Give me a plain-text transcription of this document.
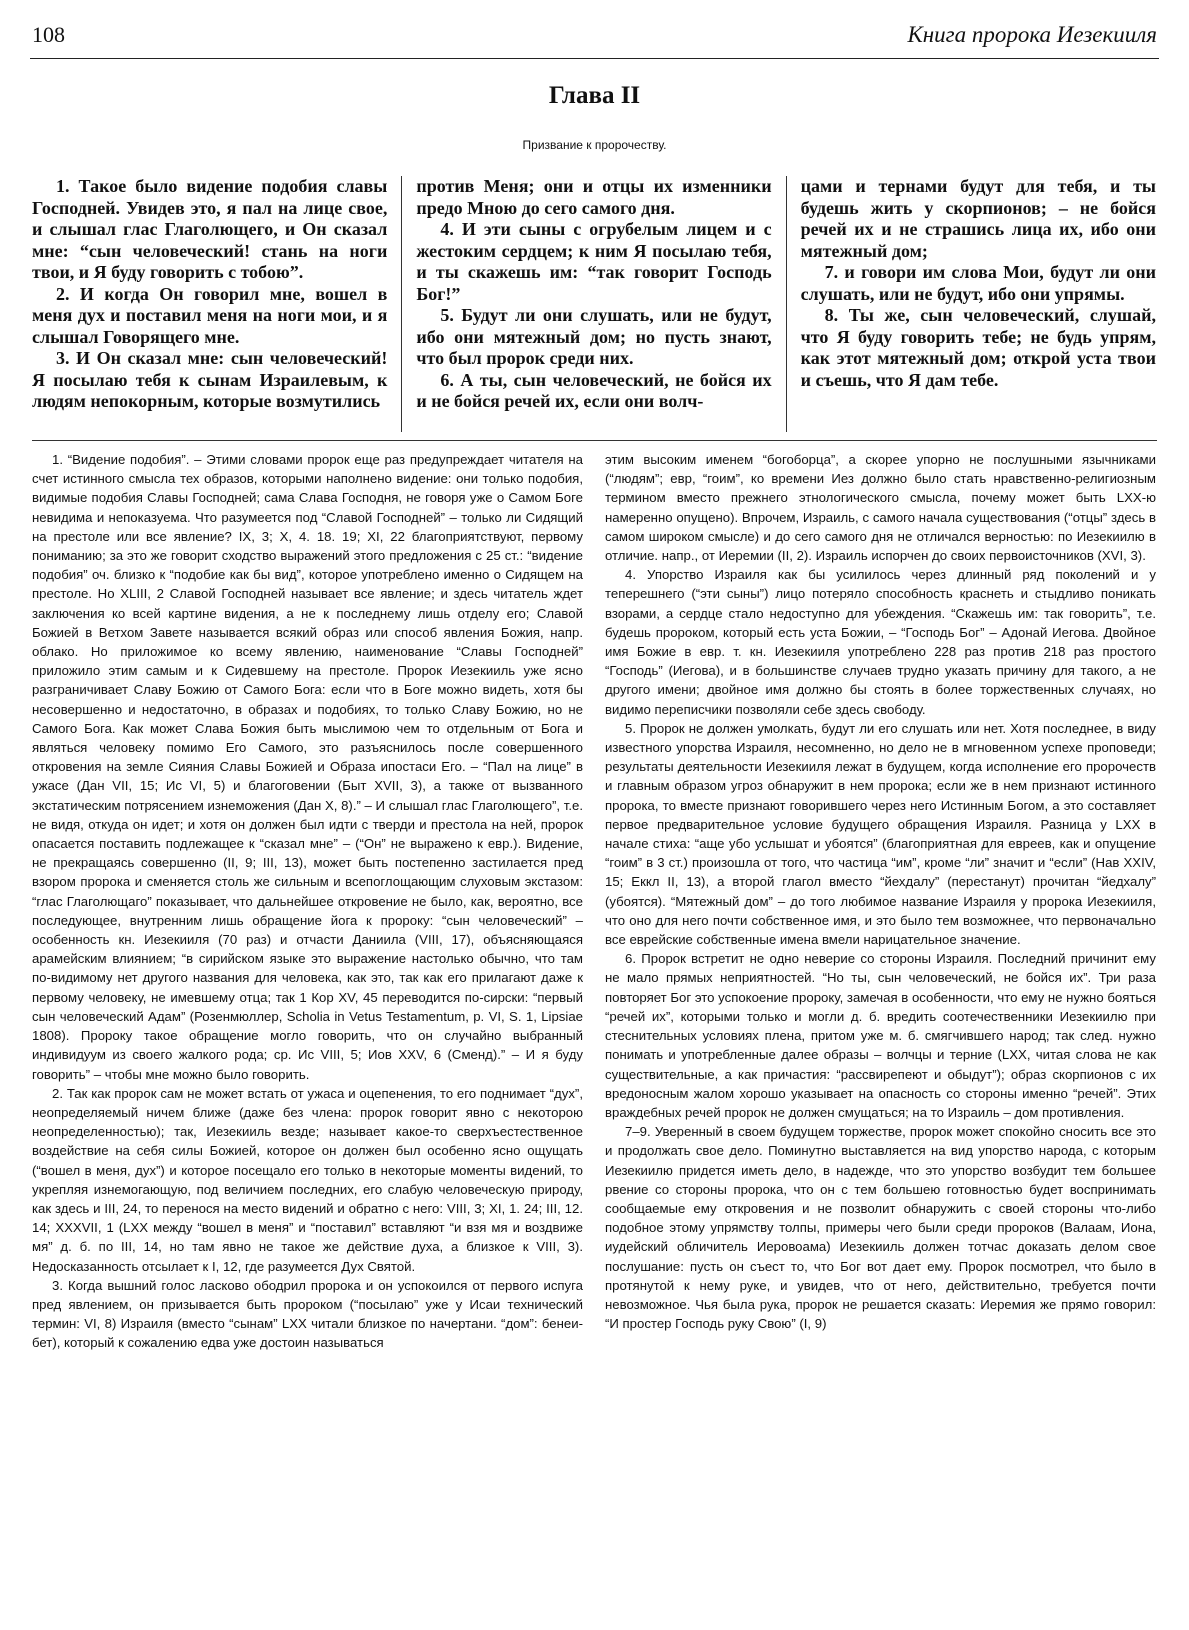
108	Книга пророка Иезекииля
Глава II
Призвание к пророчеству.

1. Такое было видение подобия славы Господней. Увидев это, я пал на лице свое, и слышал глас Глаголющего, и Он сказал мне: “сын человеческий! стань на ноги твои, и Я буду говорить с тобою”.

2. И когда Он говорил мне, вошел в меня дух и поставил меня на ноги мои, и я слышал Говорящего мне.

3. И Он сказал мне: сын человеческий! Я посылаю тебя к сынам Израилевым, к людям непокорным, которые возмутились

против Меня; они и отцы их изменники предо Мною до сего самого дня.

4. И эти сыны с огрубелым лицем и с жестоким сердцем; к ним Я посылаю тебя, и ты скажешь им: “так говорит Господь Бог!”

5. Будут ли они слушать, или не будут, ибо они мятежный дом; но пусть знают, что был пророк среди них.

6. А ты, сын человеческий, не бойся их и не бойся речей их, если они волч-

цами и тернами будут для тебя, и ты будешь жить у скорпионов; – не бойся речей их и не страшись лица их, ибо они мятежный дом;

7. и говори им слова Мои, будут ли они слушать, или не будут, ибо они упрямы.

8. Ты же, сын человеческий, слушай, что Я буду говорить тебе; не будь упрям, как этот мятежный дом; открой уста твои и съешь, что Я дам тебе.

1. “Видение подобия”. – Этими словами пророк еще раз предупреждает читателя на счет истинного смысла тех образов, которыми наполнено видение: они только подобия, видимые подобия Славы Господней; сама Слава Господня, не говоря уже о Самом Боге невидима и непоказуема. Что разумеется под “Славой Господней” – только ли Сидящий на престоле или все явление? IX, 3; X, 4. 18. 19; XI, 22 благоприятствуют, первому пониманию; за это же говорит сходство выражений этого предложения с 25 ст.: “видение подобия” оч. близко к “подобие как бы вид”, которое употреблено именно о Сидящем на престоле. Но XLIII, 2 Славой Господней называет все явление; и здесь читатель ждет заключения ко всей картине видения, а не к последнему лишь отделу его; Славой Божией в Ветхом Завете называется всякий образ или способ явления Божия, напр. облако. Но приложимое ко всему явлению, наименование “Славы Господней” приложило этим самым и к Сидевшему на престоле. Пророк Иезекииль уже ясно разграничивает Славу Божию от Самого Бога: если что в Боге можно видеть, хотя бы несовершенно и недостаточно, в образах и подобиях, то только Славу Божию, но не Самого Бога. Как может Слава Божия быть мыслимою чем то отдельным от Бога и являться человеку помимо Его Самого, это разъяснилось после совершенного откровения на земле Сияния Славы Божией и Образа ипостаси Его. – “Пал на лице” в ужасе (Дан VII, 15; Ис VI, 5) и благоговении (Быт XVII, 3), а также от вызванного экстатическим потрясением изнеможения (Дан X, 8).” – И слышал глас Глаголющего”, т.е. не видя, откуда он идет; и хотя он должен был идти с тверди и престола на ней, пророк опасается поставить подлежащее к “сказал мне” – (“Он” не выражено к евр.). Видение, не прекращаясь совершенно (II, 9; III, 13), может быть постепенно застилается пред взором пророка и сменяется столь же сильным и всепоглощающим слуховым экстазом: “глас Глаголющаго” показывает, что дальнейшее откровение не было, как, вероятно, все последующее, внутренним лишь обращение йога к пророку: “сын человеческий” – особенность кн. Иезекииля (70 раз) и отчасти Даниила (VIII, 17), объясняющаяся арамейским влиянием; “в сирийском языке это выражение настолько обычно, что там по-видимому нет другого названия для человека, как это, так как его прилагают даже к первому человеку, не имевшему отца; так 1 Кор XV, 45 переводится по-сирски: “первый сын человеческий Адам” (Розенмюллер, Scholia in Vetus Testamentum, p. VI, S. 1, Lipsiae 1808). Пророку такое обращение могло говорить, что он случайно выбранный индивидуум из своего жалкого рода; ср. Ис VIII, 5; Иов XXV, 6 (Сменд).” – И я буду говорить” – чтобы мне можно было говорить.

2. Так как пророк сам не может встать от ужаса и оцепенения, то его поднимает “дух”, неопределяемый ничем ближе (даже без члена: пророк говорит явно с некоторою неопределенностью); так, Иезекииль везде; называет какое-то сверхъестественное воздействие на себя силы Божией, которое он должен был особенно ясно ощущать (“вошел в меня, дух”) и которое посещало его только в некоторые моменты видений, то укрепляя изнемогающую, под величием последних, его слабую человеческую природу, как здесь и III, 24, то перенося на место видений и обратно с него: VIII, 3; XI, 1. 24; III, 12. 14; XXXVII, 1 (LXX между “вошел в меня” и “поставил” вставляют “и взя мя и воздвиже мя” д. б. по III, 14, но там явно не такое же действие духа, а близкое к VIII, 3). Недосказанность отсылает к I, 12, где разумеется Дух Святой.

3. Когда вышний голос ласково ободрил пророка и он успокоился от первого испуга пред явлением, он призывается быть пророком (“посылаю” уже у Исаи технический термин: VI, 8) Израиля (вместо “сынам” LXX читали близкое по начертани. “дом”: бенеи-бет), который к сожалению едва уже достоин называться

этим высоким именем “богоборца”, а скорее упорно не послушными язычниками (“людям”; евр, “гоим”, ко времени Иез должно было стать нравственно-религиозным термином вместо прежнего этнологического смысла, почему может быть LXX-ю намеренно опущено). Впрочем, Израиль, с самого начала существования (“отцы” здесь в самом широком смысле) и до сего самого дня не отличался верностью: по Иезекиилю в отличие. напр., от Иеремии (II, 2). Израиль испорчен до своих первоисточников (XVI, 3).

4. Упорство Израиля как бы усилилось через длинный ряд поколений и у теперешнего (“эти сыны”) лицо потеряло способность краснеть и стыдливо поникать взорами, а сердце стало недоступно для убеждения. “Скажешь им: так говорить”, т.е. будешь пророком, который есть уста Божии, – “Господь Бог” – Адонай Иегова. Двойное имя Божие в евр. т. кн. Иезекииля употреблено 228 раз против 218 раз простого “Господь” (Иегова), и в большинстве случаев трудно указать причину для такого, а не другого имени; двойное имя должно бы стоять в более торжественных случаях, но видимо переписчики позволяли себе здесь свободу.

5. Пророк не должен умолкать, будут ли его слушать или нет. Хотя последнее, в виду известного упорства Израиля, несомненно, но дело не в мгновенном успехе проповеди; результаты деятельности Иезекииля лежат в будущем, когда исполнение его пророчеств и главным образом угроз обнаружит в нем пророка; если же в нем признают истинного пророка, то вместе признают говорившего через него Истинным Богом, а это составляет первое предварительное условие будущего обращения Израиля. Разница у LXX в начале стиха: “аще убо услышат и убоятся” (благоприятная для евреев, как и опущение “гоим” в 3 ст.) произошла от того, что частица “им”, кроме “ли” значит и “если” (Нав XXIV, 15; Еккл II, 13), а второй глагол вместо “йехдалу” (перестанут) прочитан “йедхалу” (убоятся). “Мятежный дом” – до того любимое название Израиля у пророка Иезекииля, что оно для него почти собственное имя, и это было тем возможнее, что первоначально все еврейские собственные имена вмели нарицательное значение.

6. Пророк встретит не одно неверие со стороны Израиля. Последний причинит ему не мало прямых неприятностей. “Но ты, сын человеческий, не бойся их”. Три раза повторяет Бог это успокоение пророку, замечая в особенности, что ему не нужно бояться “речей их”, которыми только и могли д. б. вредить соотечественники Иезекиилю при стеснительных условиях плена, притом уже м. б. смягчившего народ; так след. нужно понимать и употребленные далее образы – волчцы и терние (LXX, читая слова не как существительные, а как причастия: “рассвирепеют и обыдут”); образ скорпионов с их вредоносным жалом хорошо указывает на опасность со стороны именно “речей”. Этих враждебных речей пророк не должен смущаться; на то Израиль – дом противления.

7–9. Уверенный в своем будущем торжестве, пророк может спокойно сносить все это и продолжать свое дело. Поминутно выставляется на вид упорство народа, с которым Иезекиилю придется иметь дело, в надежде, что это упорство возбудит тем большее рвение со стороны пророка, что он с тем большею готовностью будет воспринимать сообщаемые ему откровения и не позволит обнаружить с своей стороны что-либо подобное этому упрямству толпы, примеры чего были среди пророков (Валаам, Иона, иудейский обличитель Иеровоама) Иезекииль должен тотчас доказать делом свое послушание: пусть он съест то, что Бог вот дает ему. Пророк посмотрел, что было в протянутой к нему руке, и увидев, что от него, действительно, требуется почти невозможное. Чья была рука, пророк не решается сказать: Иеремия же прямо говорил: “И простер Господь руку Свою” (I, 9)
